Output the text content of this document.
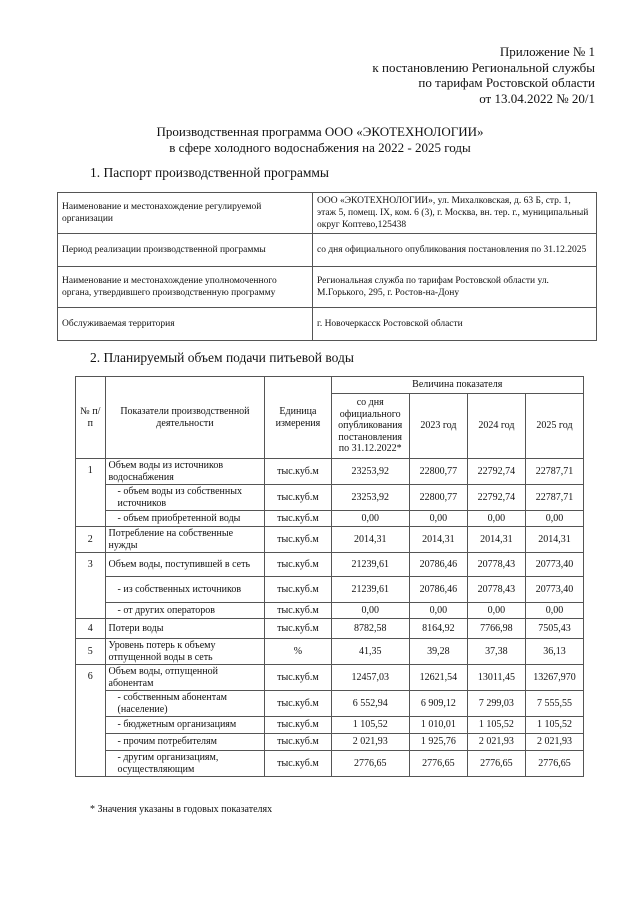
Приложение № 1
к постановлению Региональной службы
по тарифам Ростовской области
от 13.04.2022 № 20/1
Производственная программа ООО «ЭКОТЕХНОЛОГИИ»
в сфере холодного водоснабжения на 2022 - 2025 годы
1. Паспорт производственной программы
Наименование и местонахождение регулируемой организации	ООО «ЭКОТЕХНОЛОГИИ», ул. Михалковская, д. 63 Б, стр. 1, этаж 5, помещ. IX, ком. 6 (3), г. Москва, вн. тер. г., муниципальный округ Коптево,125438
Период реализации производственной программы	со дня официального опубликования постановления по 31.12.2025
Наименование и местонахождение уполномоченного органа, утвердившего производственную программу	Региональная служба по тарифам Ростовской области ул. М.Горького, 295, г. Ростов-на-Дону
Обслуживаемая территория	г. Новочеркасск Ростовской области
2. Планируемый объем подачи питьевой воды
№ п/п	Показатели производственной деятельности	Единица измерения	Величина показателя			
			со дня официального опубликования постановления по 31.12.2022*	2023 год	2024 год	2025 год
1	Объем воды из источников водоснабжения	тыс.куб.м	23253,92	22800,77	22792,74	22787,71
	- объем воды из собственных источников	тыс.куб.м	23253,92	22800,77	22792,74	22787,71
	- объем приобретенной воды	тыс.куб.м	0,00	0,00	0,00	0,00
2	Потребление на собственные нужды	тыс.куб.м	2014,31	2014,31	2014,31	2014,31
3	Объем воды, поступившей в сеть	тыс.куб.м	21239,61	20786,46	20778,43	20773,40
	- из собственных источников	тыс.куб.м	21239,61	20786,46	20778,43	20773,40
	- от других операторов	тыс.куб.м	0,00	0,00	0,00	0,00
4	Потери воды	тыс.куб.м	8782,58	8164,92	7766,98	7505,43
5	Уровень потерь к объему отпущенной воды в сеть	%	41,35	39,28	37,38	36,13
6	Объем воды, отпущенной абонентам	тыс.куб.м	12457,03	12621,54	13011,45	13267,970
	- собственным абонентам (население)	тыс.куб.м	6 552,94	6 909,12	7 299,03	7 555,55
	- бюджетным организациям	тыс.куб.м	1 105,52	1 010,01	1 105,52	1 105,52
	- прочим потребителям	тыс.куб.м	2 021,93	1 925,76	2 021,93	2 021,93
	- другим организациям, осуществляющим	тыс.куб.м	2776,65	2776,65	2776,65	2776,65
* Значения указаны в годовых показателях
